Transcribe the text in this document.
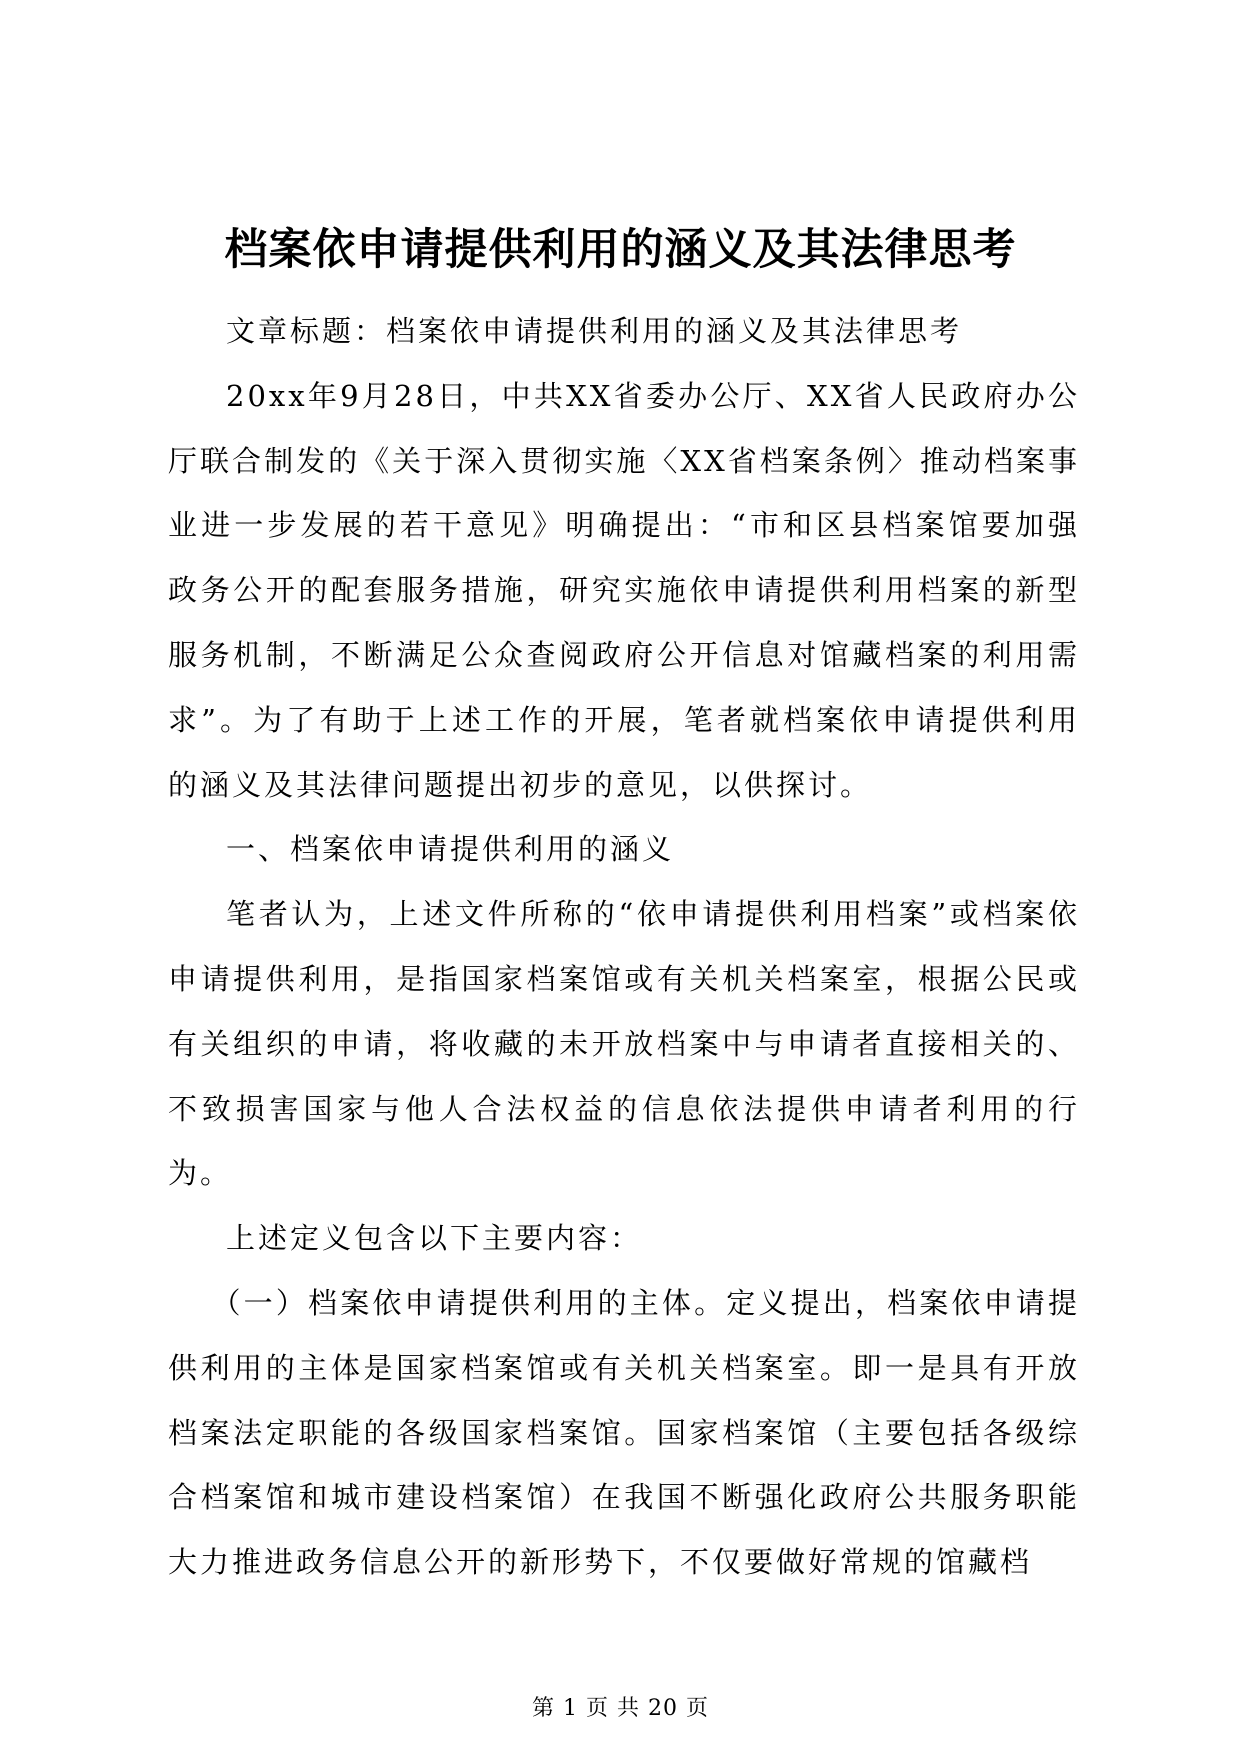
档案依申请提供利用的涵义及其法律思考

文章标题：档案依申请提供利用的涵义及其法律思考

20xx年9月28日，中共XX省委办公厅、XX省人民政府办公厅联合制发的《关于深入贯彻实施〈XX省档案条例〉推动档案事业进一步发展的若干意见》明确提出：“市和区县档案馆要加强政务公开的配套服务措施，研究实施依申请提供利用档案的新型服务机制，不断满足公众查阅政府公开信息对馆藏档案的利用需求”。为了有助于上述工作的开展，笔者就档案依申请提供利用的涵义及其法律问题提出初步的意见，以供探讨。

一、档案依申请提供利用的涵义

笔者认为，上述文件所称的“依申请提供利用档案”或档案依申请提供利用，是指国家档案馆或有关机关档案室，根据公民或有关组织的申请，将收藏的未开放档案中与申请者直接相关的、不致损害国家与他人合法权益的信息依法提供申请者利用的行为。

上述定义包含以下主要内容：

（一）档案依申请提供利用的主体。定义提出，档案依申请提供利用的主体是国家档案馆或有关机关档案室。即一是具有开放档案法定职能的各级国家档案馆。国家档案馆（主要包括各级综合档案馆和城市建设档案馆）在我国不断强化政府公共服务职能大力推进政务信息公开的新形势下，不仅要做好常规的馆藏档

第 1 页 共 20 页
